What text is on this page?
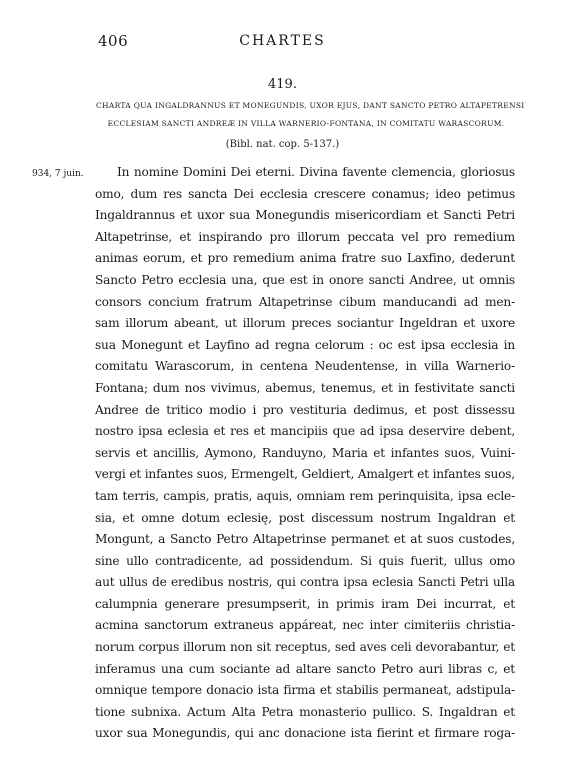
406	CHARTES
419.
CHARTA QUA INGALDRANNUS ET MONEGUNDIS, UXOR EJUS, DANT SANCTO PETRO ALTAPETRENSI
ECCLESIAM SANCTI ANDREÆ IN VILLA WARNERIO-FONTANA, IN COMITATU WARASCORUM.
(Bibl. nat. cop. 5-137.)
934, 7 juin.	In nomine Domini Dei eterni. Divina favente clemencia, gloriosus
omo, dum res sancta Dei ecclesia crescere conamus; ideo petimus
Ingaldrannus et uxor sua Monegundis misericordiam et Sancti Petri
Altapetrinse, et inspirando pro illorum peccata vel pro remedium
animas eorum, et pro remedium anima fratre suo Laxfino, dederunt
Sancto Petro ecclesia una, que est in onore sancti Andree, ut omnis
consors concium fratrum Altapetrinse cibum manducandi ad men-
sam illorum abeant, ut illorum preces sociantur Ingeldran et uxore
sua Monegunt et Layfino ad regna celorum : oc est ipsa ecclesia in
comitatu Warascorum, in centena Neudentense, in villa Warnerio-
Fontana; dum nos vivimus, abemus, tenemus, et in festivitate sancti
Andree de tritico modio i pro vestituria dedimus, et post dissessu
nostro ipsa eclesia et res et mancipiis que ad ipsa deservire debent,
servis et ancillis, Aymono, Randuyno, Maria et infantes suos, Vuini-
vergi et infantes suos, Ermengelt, Geldiert, Amalgert et infantes suos,
tam terris, campis, pratis, aquis, omniam rem perinquisita, ipsa ecle-
sia, et omne dotum eclesię, post discessum nostrum Ingaldran et
Mongunt, a Sancto Petro Altapetrinse permanet et at suos custodes,
sine ullo contradicente, ad possidendum. Si quis fuerit, ullus omo
aut ullus de eredibus nostris, qui contra ipsa eclesia Sancti Petri ulla
calumpnia generare presumpserit, in primis iram Dei incurrat, et
acmina sanctorum extraneus appáreat, nec inter cimiteriis christia-
norum corpus illorum non sit receptus, sed aves celi devorabantur, et
inferamus una cum sociante ad altare sancto Petro auri libras c, et
omnique tempore donacio ista firma et stabilis permaneat, adstipula-
tione subnixa. Actum Alta Petra monasterio pullico. S. Ingaldran et
uxor sua Monegundis, qui anc donacione ista fierint et firmare roga-
